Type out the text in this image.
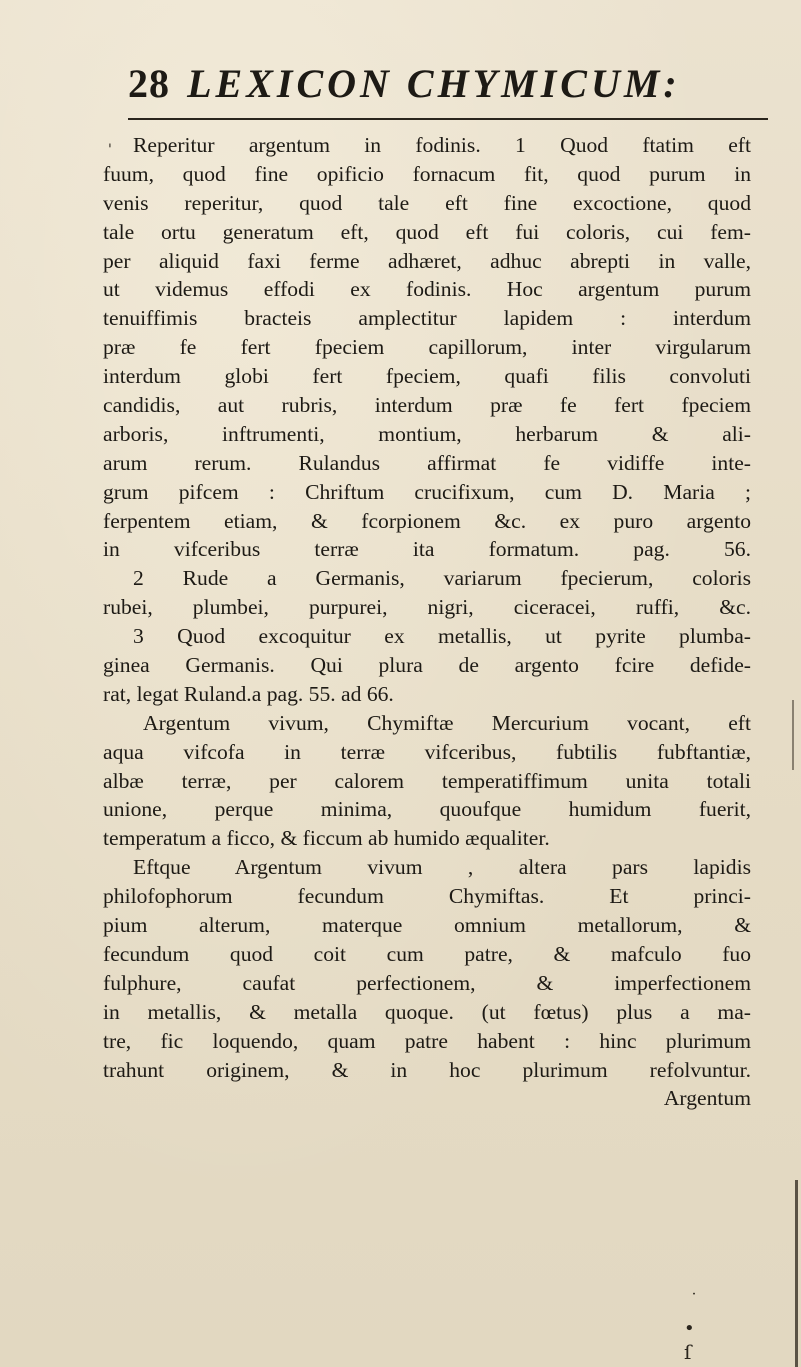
28 LEXICON CHYMICUM:
' Reperitur argentum in fodinis. 1 Quod ftatim eft
fuum, quod fine opificio fornacum fit, quod purum in
venis reperitur, quod tale eft fine excoctione, quod
tale ortu generatum eft, quod eft fui coloris, cui fem-
per aliquid faxi ferme adhæret, adhuc abrepti in valle,
ut videmus effodi ex fodinis. Hoc argentum purum
tenuiffimis bracteis amplectitur lapidem : interdum
præ fe fert fpeciem capillorum, inter virgularum
interdum globi fert fpeciem, quafi filis convoluti
candidis, aut rubris, interdum præ fe fert fpeciem
arboris, inftrumenti, montium, herbarum & ali-
arum rerum. Rulandus affirmat fe vidiffe inte-
grum pifcem : Chriftum crucifixum, cum D. Maria ;
ferpentem etiam, & fcorpionem &c. ex puro argento
in vifceribus terræ ita formatum. pag. 56.
2 Rude a Germanis, variarum fpecierum, coloris
rubei, plumbei, purpurei, nigri, ciceracei, ruffi, &c.
3 Quod excoquitur ex metallis, ut pyrite plumba-
ginea Germanis. Qui plura de argento fcire defide-
rat, legat Ruland.a pag. 55. ad 66.
Argentum vivum, Chymiftæ Mercurium vocant, eft
aqua vifcofa in terræ vifceribus, fubtilis fubftantiæ,
albæ terræ, per calorem temperatiffimum unita totali
unione, perque minima, quoufque humidum fuerit,
temperatum a ficco, & ficcum ab humido æqualiter.
Eftque Argentum vivum , altera pars lapidis
philofophorum fecundum Chymiftas. Et princi-
pium alterum, materque omnium metallorum, &
fecundum quod coit cum patre, & mafculo fuo
fulphure, caufat perfectionem, & imperfectionem
in metallis, & metalla quoque. (ut fœtus) plus a ma-
tre, fic loquendo, quam patre habent : hinc plurimum
trahunt originem, & in hoc plurimum refolvuntur.
Argentum
˙
•
ſ
